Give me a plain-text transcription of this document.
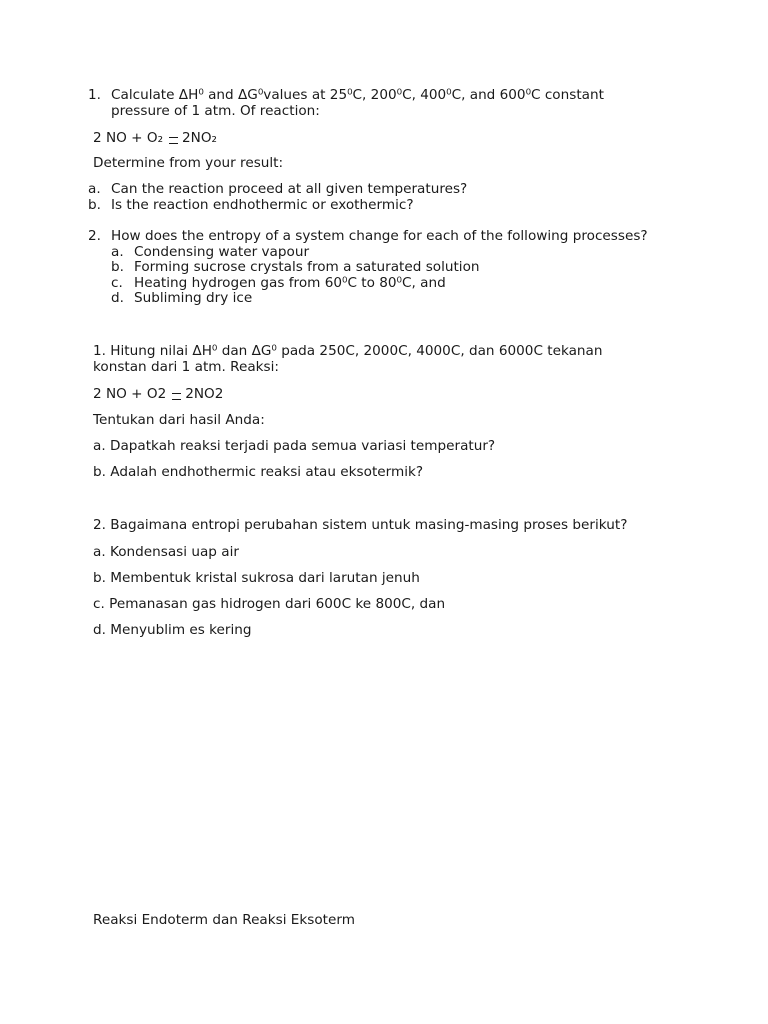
1. Calculate ΔH⁰ and ΔG⁰values at 25⁰C, 200⁰C, 400⁰C, and 600⁰C constant
pressure of 1 atm. Of reaction:
2 NO + O₂ 2NO₂
Determine from your result:
a. Can the reaction proceed at all given temperatures?
b. Is the reaction endhothermic or exothermic?
2. How does the entropy of a system change for each of the following processes?
a. Condensing water vapour
b. Forming sucrose crystals from a saturated solution
c. Heating hydrogen gas from 60⁰C to 80⁰C, and
d. Subliming dry ice
1. Hitung nilai ΔH⁰ dan ΔG⁰ pada 250C, 2000C, 4000C, dan 6000C tekanan
konstan dari 1 atm. Reaksi:
2 NO + O2 2NO2
Tentukan dari hasil Anda:
a. Dapatkah reaksi terjadi pada semua variasi temperatur?
b. Adalah endhothermic reaksi atau eksotermik?
2. Bagaimana entropi perubahan sistem untuk masing-masing proses berikut?
a. Kondensasi uap air
b. Membentuk kristal sukrosa dari larutan jenuh
c. Pemanasan gas hidrogen dari 600C ke 800C, dan
d. Menyublim es kering
Reaksi Endoterm dan Reaksi Eksoterm
